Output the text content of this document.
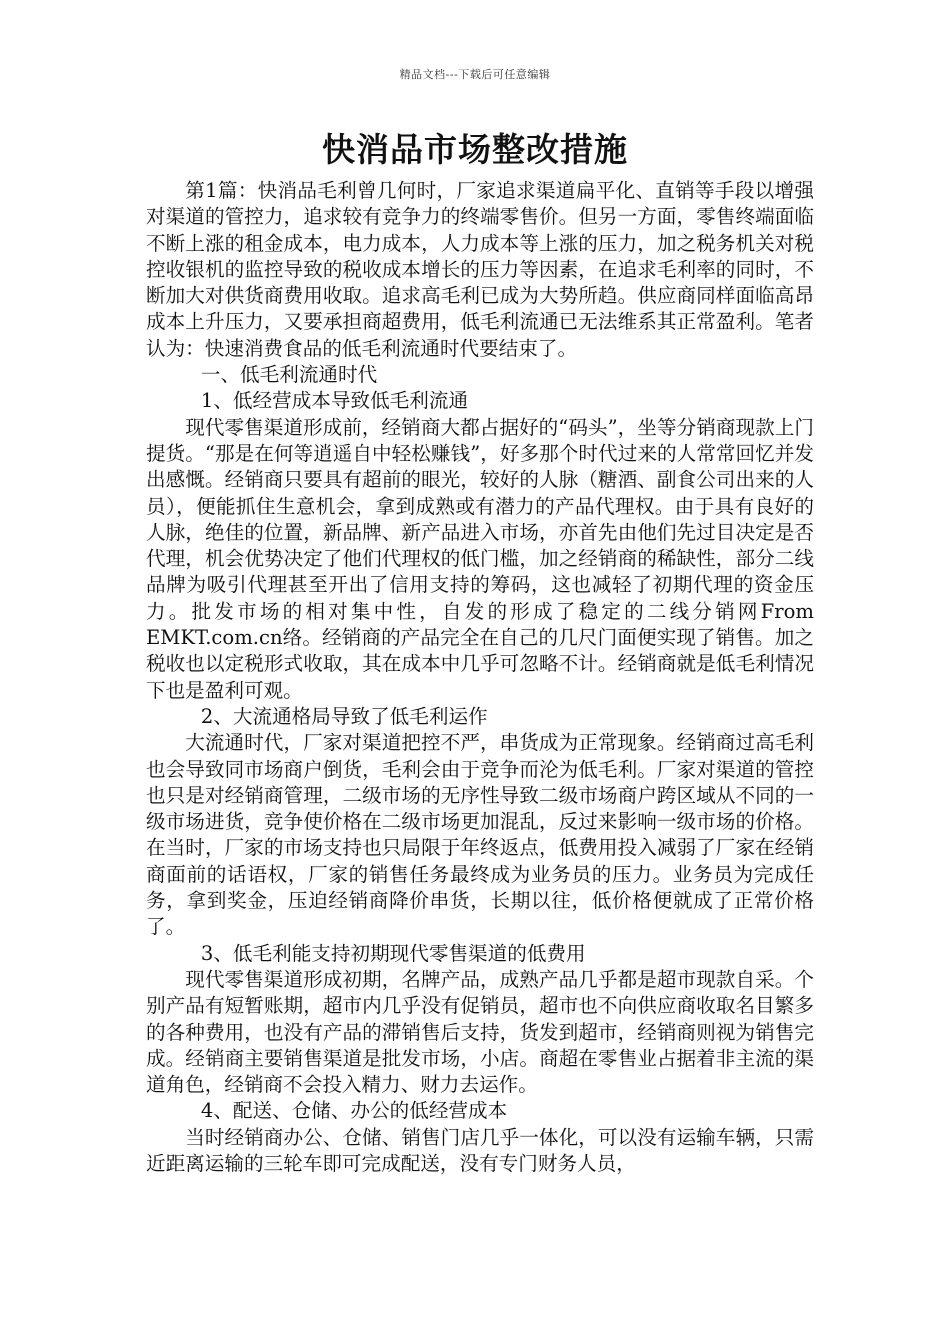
精品文档---下载后可任意编辑
快消品市场整改措施

第1篇：快消品毛利曾几何时，厂家追求渠道扁平化、直销等手段以增强对渠道的管控力，追求较有竞争力的终端零售价。但另一方面，零售终端面临不断上涨的租金成本，电力成本，人力成本等上涨的压力，加之税务机关对税控收银机的监控导致的税收成本增长的压力等因素，在追求毛利率的同时，不断加大对供货商费用收取。追求高毛利已成为大势所趋。供应商同样面临高昂成本上升压力，又要承担商超费用，低毛利流通已无法维系其正常盈利。笔者认为：快速消费食品的低毛利流通时代要结束了。

一、低毛利流通时代

1、低经营成本导致低毛利流通

现代零售渠道形成前，经销商大都占据好的“码头”，坐等分销商现款上门提货。“那是在何等逍遥自中轻松赚钱”，好多那个时代过来的人常常回忆并发出感慨。经销商只要具有超前的眼光，较好的人脉（糖酒、副食公司出来的人员），便能抓住生意机会，拿到成熟或有潜力的产品代理权。由于具有良好的人脉，绝佳的位置，新品牌、新产品进入市场，亦首先由他们先过目决定是否代理，机会优势决定了他们代理权的低门槛，加之经销商的稀缺性，部分二线品牌为吸引代理甚至开出了信用支持的筹码，这也减轻了初期代理的资金压力。批发市场的相对集中性，自发的形成了稳定的二线分销网From EMKT.com.cn络。经销商的产品完全在自己的几尺门面便实现了销售。加之税收也以定税形式收取，其在成本中几乎可忽略不计。经销商就是低毛利情况下也是盈利可观。

2、大流通格局导致了低毛利运作

大流通时代，厂家对渠道把控不严，串货成为正常现象。经销商过高毛利也会导致同市场商户倒货，毛利会由于竞争而沦为低毛利。厂家对渠道的管控也只是对经销商管理，二级市场的无序性导致二级市场商户跨区域从不同的一级市场进货，竞争使价格在二级市场更加混乱，反过来影响一级市场的价格。在当时，厂家的市场支持也只局限于年终返点，低费用投入减弱了厂家在经销商面前的话语权，厂家的销售任务最终成为业务员的压力。业务员为完成任务，拿到奖金，压迫经销商降价串货，长期以往，低价格便就成了正常价格了。

3、低毛利能支持初期现代零售渠道的低费用

现代零售渠道形成初期，名牌产品，成熟产品几乎都是超市现款自采。个别产品有短暂账期，超市内几乎没有促销员，超市也不向供应商收取名目繁多的各种费用，也没有产品的滞销售后支持，货发到超市，经销商则视为销售完成。经销商主要销售渠道是批发市场，小店。商超在零售业占据着非主流的渠道角色，经销商不会投入精力、财力去运作。

4、配送、仓储、办公的低经营成本

当时经销商办公、仓储、销售门店几乎一体化，可以没有运输车辆，只需近距离运输的三轮车即可完成配送，没有专门财务人员，
